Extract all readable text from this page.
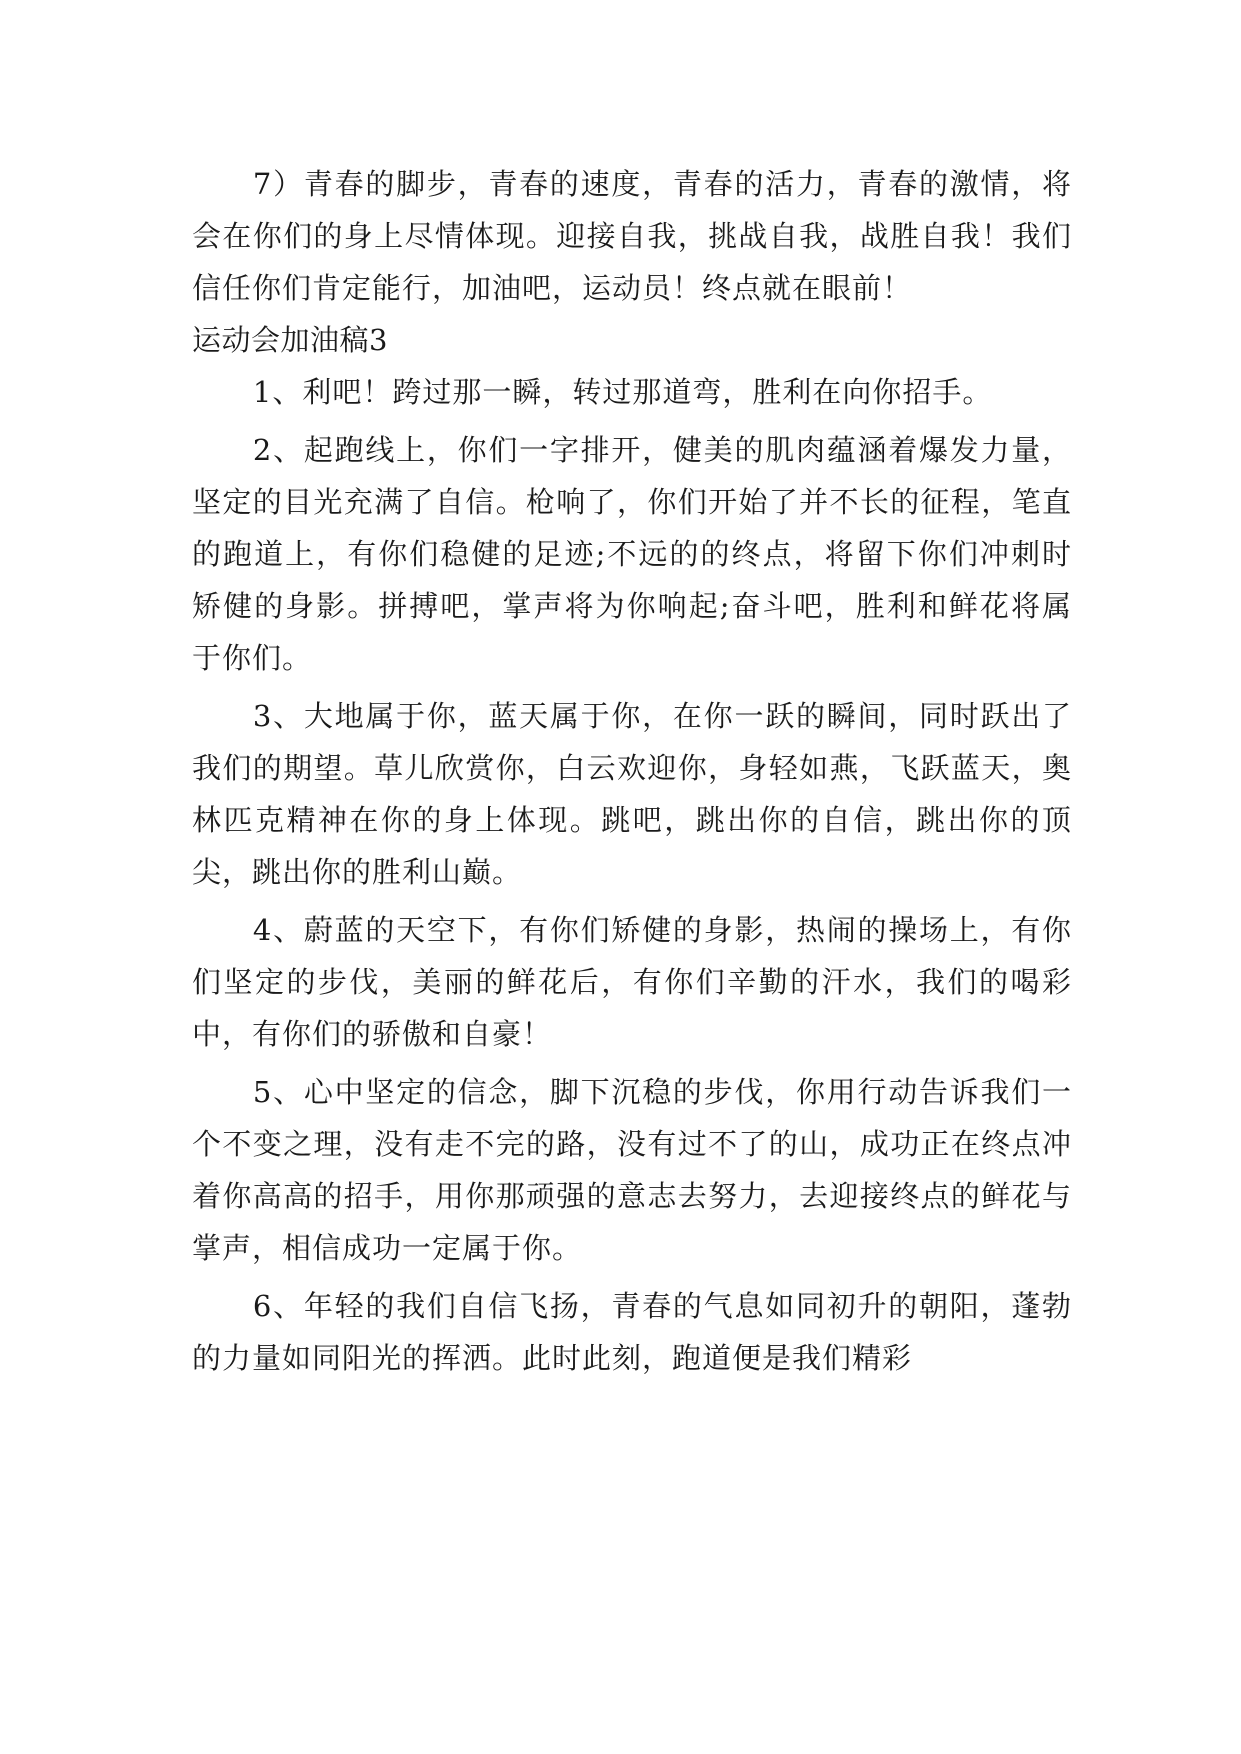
7）青春的脚步，青春的速度，青春的活力，青春的激情，将会在你们的身上尽情体现。迎接自我，挑战自我，战胜自我！我们信任你们肯定能行，加油吧，运动员！终点就在眼前！

运动会加油稿3

1、利吧！跨过那一瞬，转过那道弯，胜利在向你招手。

2、起跑线上，你们一字排开，健美的肌肉蕴涵着爆发力量，坚定的目光充满了自信。枪响了，你们开始了并不长的征程，笔直的跑道上，有你们稳健的足迹;不远的的终点，将留下你们冲刺时矫健的身影。拼搏吧，掌声将为你响起;奋斗吧，胜利和鲜花将属于你们。

3、大地属于你，蓝天属于你，在你一跃的瞬间，同时跃出了我们的期望。草儿欣赏你，白云欢迎你，身轻如燕，飞跃蓝天，奥林匹克精神在你的身上体现。跳吧，跳出你的自信，跳出你的顶尖，跳出你的胜利山巅。

4、蔚蓝的天空下，有你们矫健的身影，热闹的操场上，有你们坚定的步伐，美丽的鲜花后，有你们辛勤的汗水，我们的喝彩中，有你们的骄傲和自豪！

5、心中坚定的信念，脚下沉稳的步伐，你用行动告诉我们一个不变之理，没有走不完的路，没有过不了的山，成功正在终点冲着你高高的招手，用你那顽强的意志去努力，去迎接终点的鲜花与掌声，相信成功一定属于你。

6、年轻的我们自信飞扬，青春的气息如同初升的朝阳，蓬勃的力量如同阳光的挥洒。此时此刻，跑道便是我们精彩
